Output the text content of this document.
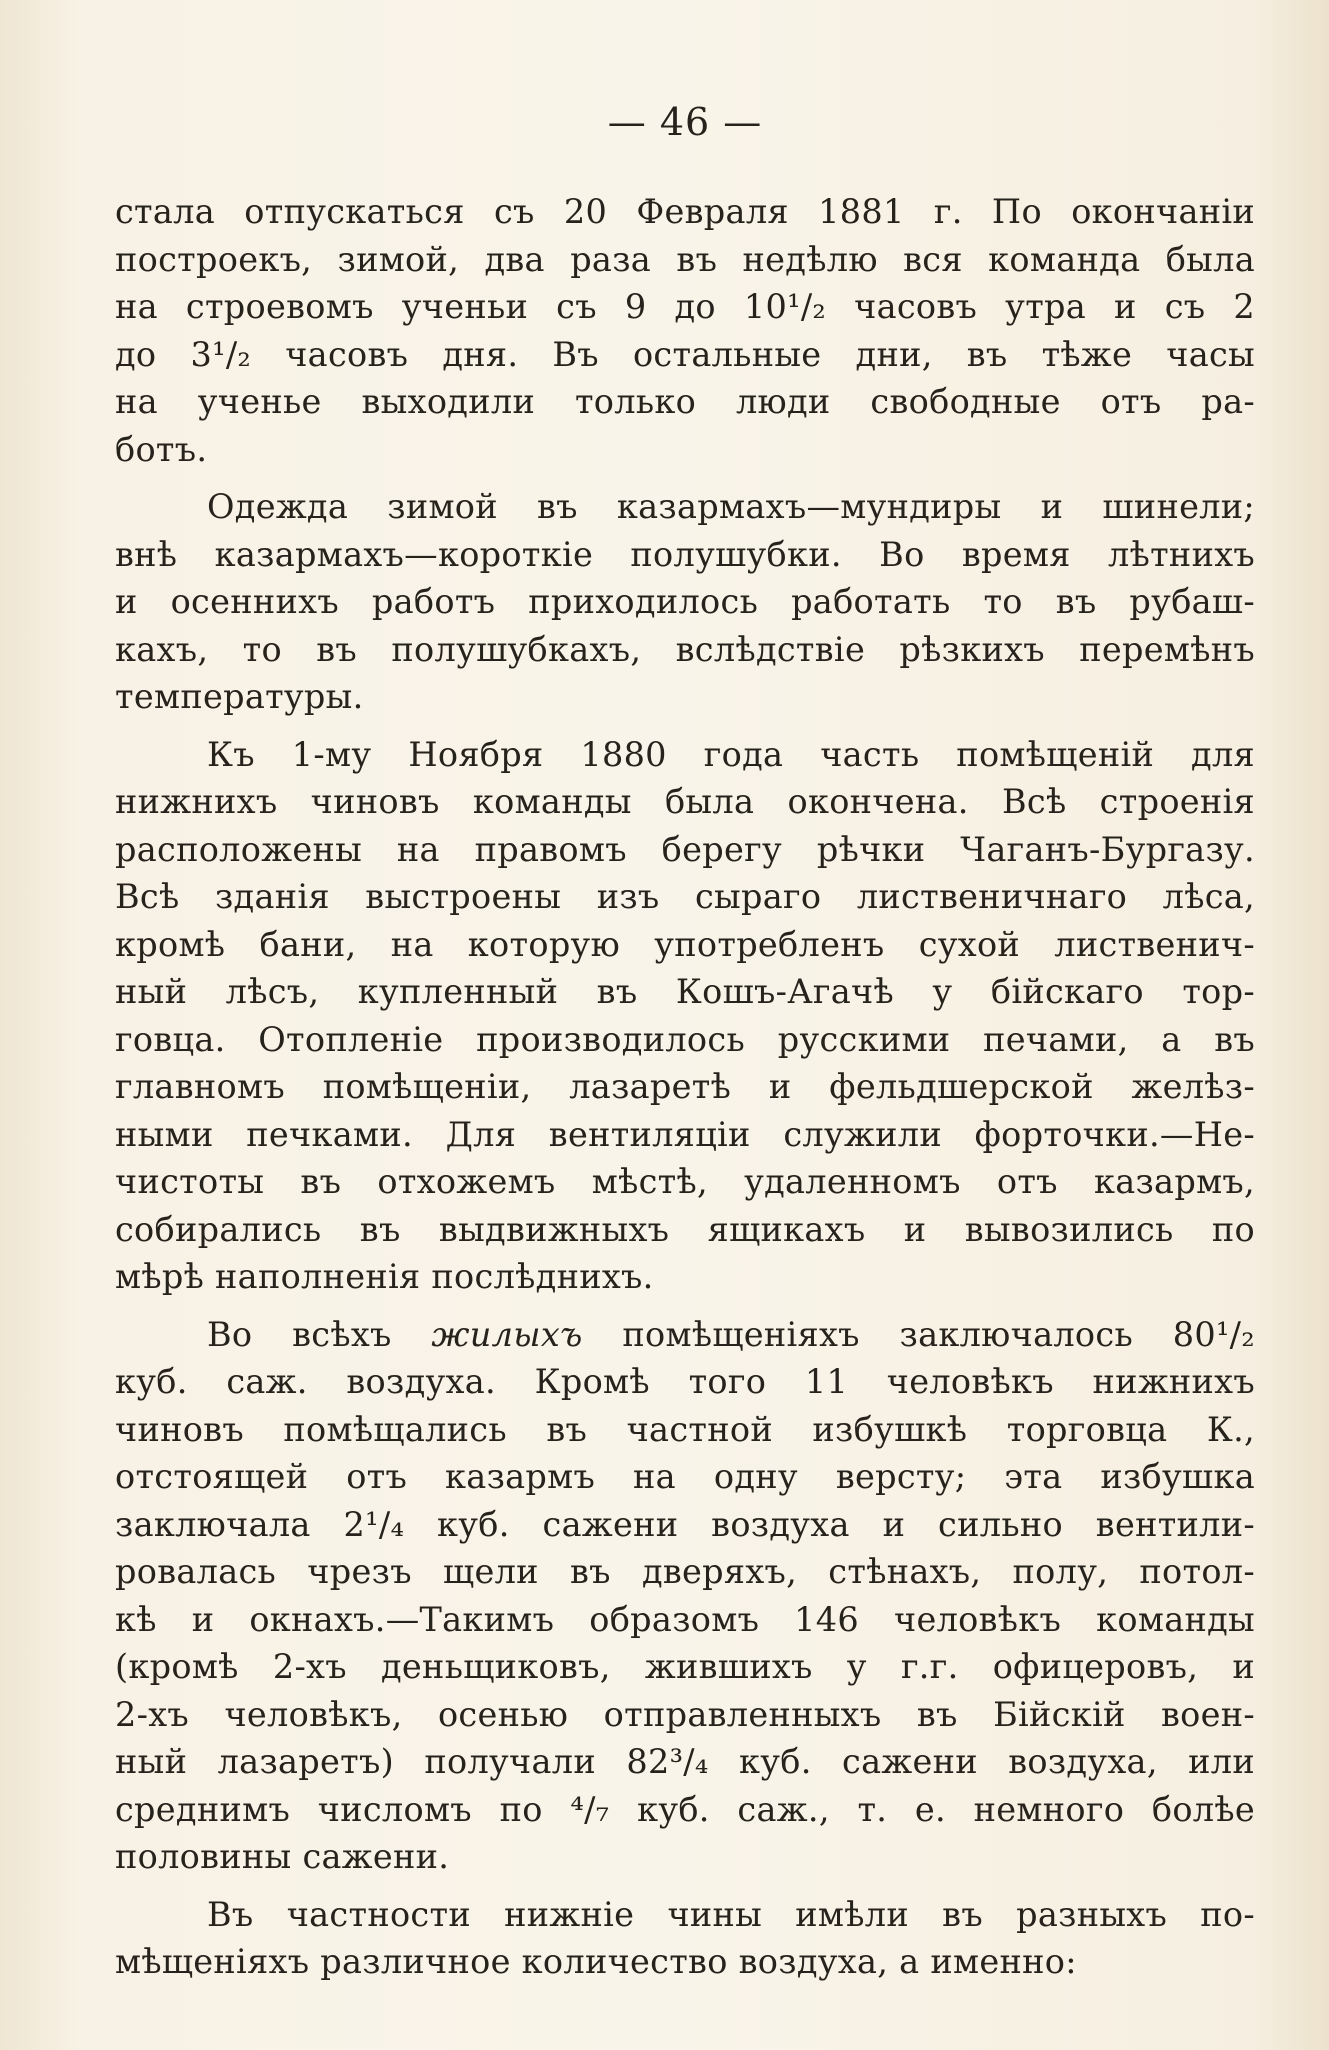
— 46 —
стала отпускаться съ 20 Февраля 1881 г. По окончаніи
построекъ, зимой, два раза въ недѣлю вся команда была
на строевомъ ученьи съ 9 до 10¹/₂ часовъ утра и съ 2
до 3¹/₂ часовъ дня. Въ остальные дни, въ тѣже часы
на ученье выходили только люди свободные отъ ра-
ботъ.
Одежда зимой въ казармахъ—мундиры и шинели;
внѣ казармахъ—короткіе полушубки. Во время лѣтнихъ
и осеннихъ работъ приходилось работать то въ рубаш-
кахъ, то въ полушубкахъ, вслѣдствіе рѣзкихъ перемѣнъ
температуры.
Къ 1-му Ноября 1880 года часть помѣщеній для
нижнихъ чиновъ команды была окончена. Всѣ строенія
расположены на правомъ берегу рѣчки Чаганъ-Бургазу.
Всѣ зданія выстроены изъ сыраго лиственичнаго лѣса,
кромѣ бани, на которую употребленъ сухой лиственич-
ный лѣсъ, купленный въ Кошъ-Агачѣ у бійскаго тор-
говца. Отопленіе производилось русскими печами, а въ
главномъ помѣщеніи, лазаретѣ и фельдшерской желѣз-
ными печками. Для вентиляціи служили форточки.—Не-
чистоты въ отхожемъ мѣстѣ, удаленномъ отъ казармъ,
собирались въ выдвижныхъ ящикахъ и вывозились по
мѣрѣ наполненія послѣднихъ.
Во всѣхъ жилыхъ помѣщеніяхъ заключалось 80¹/₂
куб. саж. воздуха. Кромѣ того 11 человѣкъ нижнихъ
чиновъ помѣщались въ частной избушкѣ торговца К.,
отстоящей отъ казармъ на одну версту; эта избушка
заключала 2¹/₄ куб. сажени воздуха и сильно вентили-
ровалась чрезъ щели въ дверяхъ, стѣнахъ, полу, потол-
кѣ и окнахъ.—Такимъ образомъ 146 человѣкъ команды
(кромѣ 2-хъ деньщиковъ, жившихъ у г.г. офицеровъ, и
2-хъ человѣкъ, осенью отправленныхъ въ Бійскій воен-
ный лазаретъ) получали 82³/₄ куб. сажени воздуха, или
среднимъ числомъ по ⁴/₇ куб. саж., т. е. немного болѣе
половины сажени.
Въ частности нижніе чины имѣли въ разныхъ по-
мѣщеніяхъ различное количество воздуха, а именно:
